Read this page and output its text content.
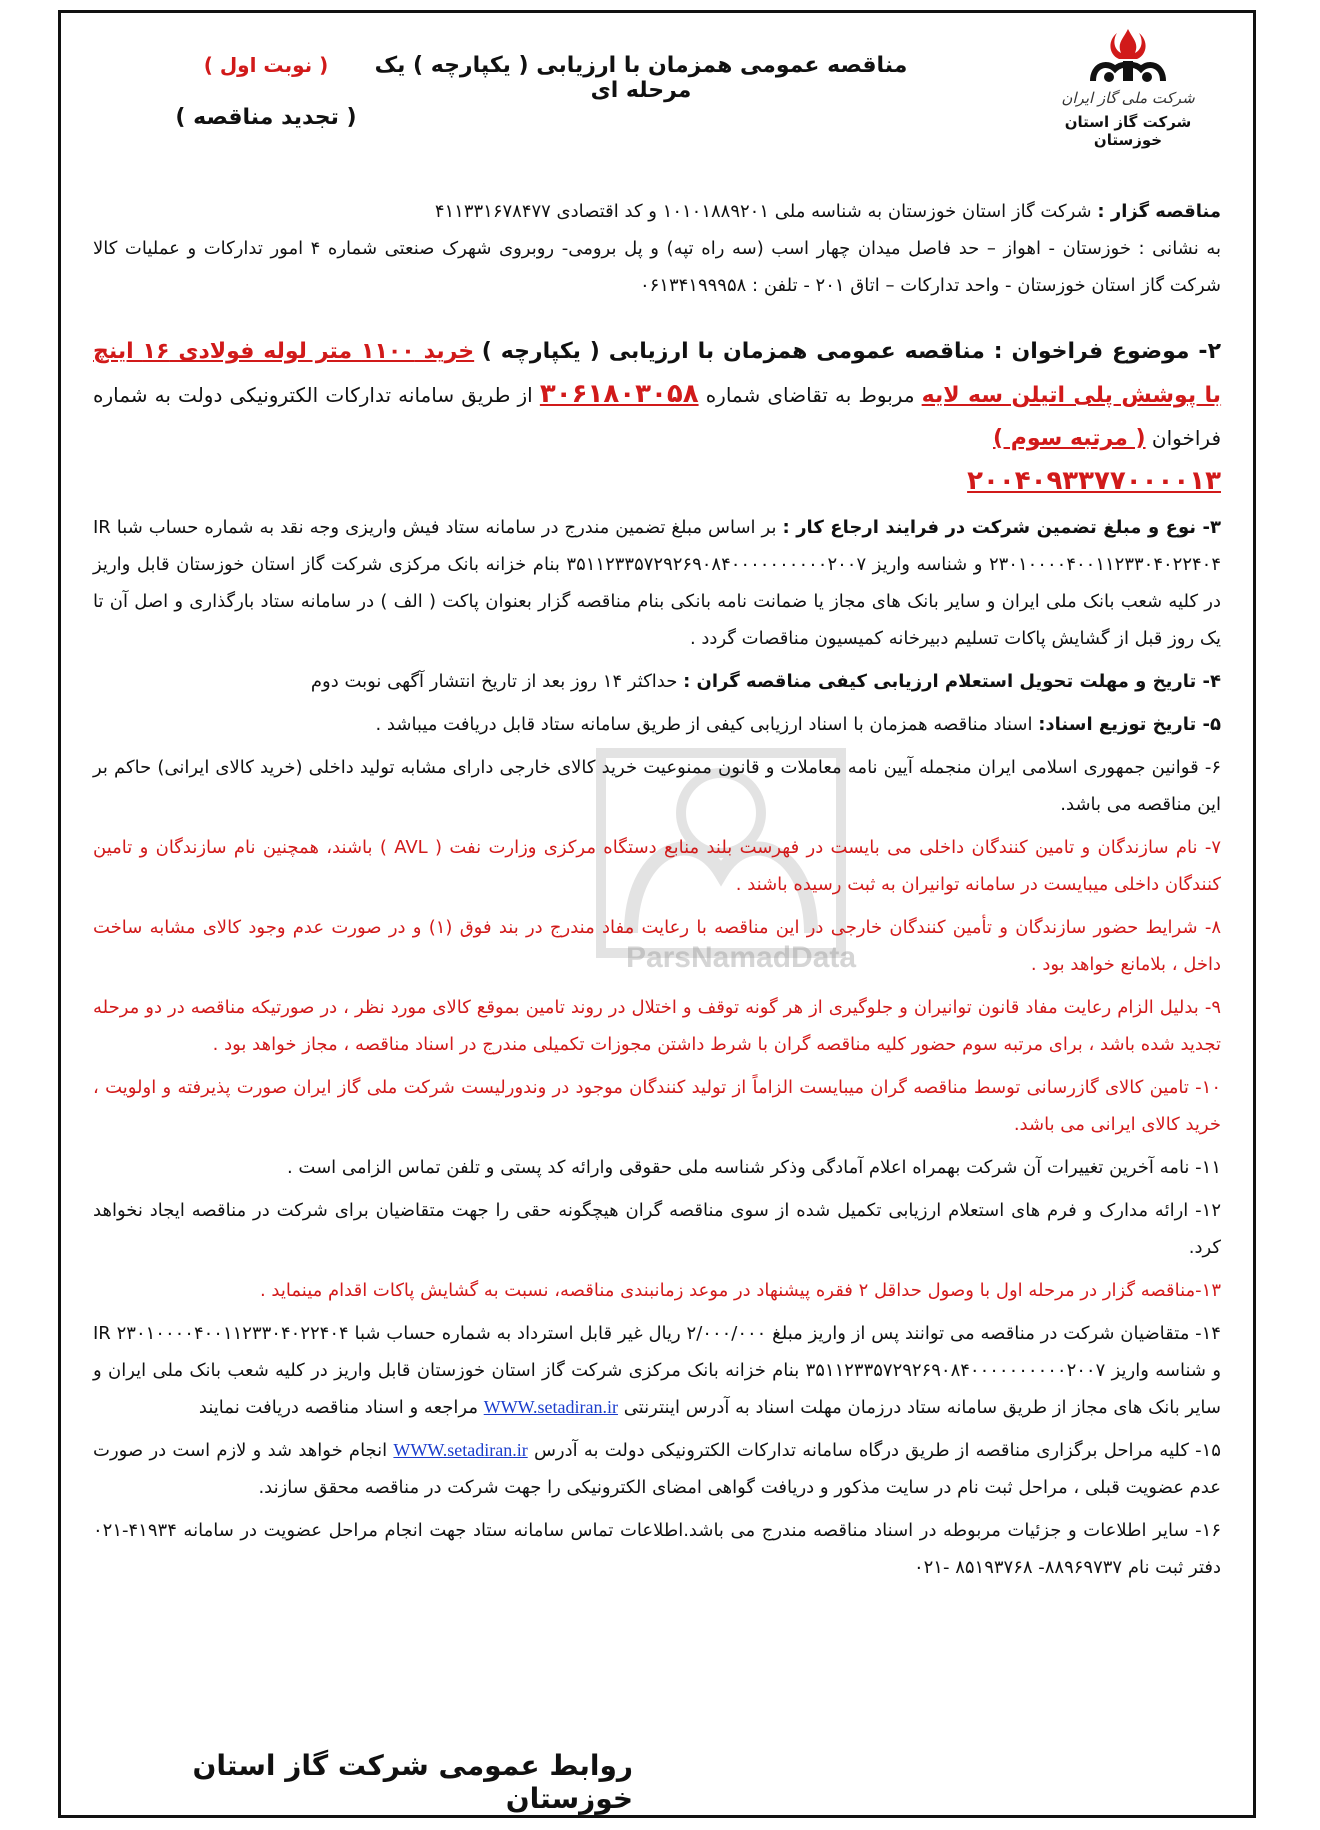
شرکت ملی گاز ایران
شرکت گاز استان خوزستان
مناقصه عمومی همزمان با ارزیابی ( یکپارچه ) یک مرحله ای
( نوبت اول )
( تجدید مناقصه )
ParsNamadData

مناقصه گزار : شرکت گاز استان خوزستان به شناسه ملی ۱۰۱۰۱۸۸۹۲۰۱ و کد اقتصادی ۴۱۱۳۳۱۶۷۸۴۷۷
به نشانی : خوزستان - اهواز – حد فاصل میدان چهار اسب (سه راه تپه) و پل برومی- روبروی شهرک صنعتی شماره ۴ امور تدارکات و عملیات کالا شرکت گاز استان خوزستان - واحد تدارکات – اتاق ۲۰۱ - تلفن : ۰۶۱۳۴۱۹۹۹۵۸

۲- موضوع فراخوان : مناقصه عمومی همزمان با ارزیابی ( یکپارچه ) خرید ۱۱۰۰ متر لوله فولادی ۱۶ اینچ با پوشش پلی اتیلن سه لایه مربوط به تقاضای شماره ۳۰۶۱۸۰۳۰۵۸ از طریق سامانه تدارکات الکترونیکی دولت به شماره فراخوان ( مرتبه سوم )
۲۰۰۴۰۹۳۳۷۷۰۰۰۰۱۳

۳- نوع و مبلغ تضمین شرکت در فرایند ارجاع کار : بر اساس مبلغ تضمین مندرج در سامانه ستاد فیش واریزی وجه نقد به شماره حساب شبا IR ۲۳۰۱۰۰۰۰۴۰۰۱۱۲۳۳۰۴۰۲۲۴۰۴ و شناسه واریز ۳۵۱۱۲۳۳۵۷۲۹۲۶۹۰۸۴۰۰۰۰۰۰۰۰۰۰۲۰۰۷ بنام خزانه بانک مرکزی شرکت گاز استان خوزستان قابل واریز در کلیه شعب بانک ملی ایران و سایر بانک های مجاز یا ضمانت نامه بانکی بنام مناقصه گزار بعنوان پاکت ( الف ) در سامانه ستاد بارگذاری و اصل آن تا یک روز قبل از گشایش پاکات تسلیم دبیرخانه کمیسیون مناقصات گردد .

۴- تاریخ و مهلت تحویل استعلام ارزیابی کیفی مناقصه گران : حداکثر ۱۴ روز بعد از تاریخ انتشار آگهی نوبت دوم

۵- تاریخ توزیع اسناد: اسناد مناقصه همزمان با اسناد ارزیابی کیفی از طریق سامانه ستاد قابل دریافت میباشد .

۶- قوانین جمهوری اسلامی ایران منجمله آیین نامه معاملات و قانون ممنوعیت خرید کالای خارجی دارای مشابه تولید داخلی (خرید کالای ایرانی) حاکم بر این مناقصه می باشد.

۷- نام سازندگان و تامین کنندگان داخلی می بایست در فهرست بلند منابع دستگاه مرکزی وزارت نفت ( AVL ) باشند، همچنین نام سازندگان و تامین کنندگان داخلی میبایست در سامانه توانیران به ثبت رسیده باشند .

۸- شرایط حضور سازندگان و تأمین کنندگان خارجی در این مناقصه با رعایت مفاد مندرج در بند فوق (۱) و در صورت عدم وجود کالای مشابه ساخت داخل ، بلامانع خواهد بود .

۹- بدلیل الزام رعایت مفاد قانون توانیران و جلوگیری از هر گونه توقف و اختلال در روند تامین بموقع کالای مورد نظر ، در صورتیکه مناقصه در دو مرحله تجدید شده باشد ، برای مرتبه سوم حضور کلیه مناقصه گران با شرط داشتن مجوزات تکمیلی مندرج در اسناد مناقصه ، مجاز خواهد بود .

۱۰- تامین کالای گازرسانی توسط مناقصه گران میبایست الزاماً از تولید کنندگان موجود در وندورلیست شرکت ملی گاز ایران صورت پذیرفته و اولویت ، خرید کالای ایرانی می باشد.

۱۱- نامه آخرین تغییرات آن شرکت بهمراه اعلام آمادگی وذکر شناسه ملی حقوقی وارائه کد پستی و تلفن تماس الزامی است .

۱۲- ارائه مدارک و فرم های استعلام ارزیابی تکمیل شده از سوی مناقصه گران هیچگونه حقی را جهت متقاضیان برای شرکت در مناقصه ایجاد نخواهد کرد.

۱۳-مناقصه گزار در مرحله اول با وصول حداقل ۲ فقره پیشنهاد در موعد زمانبندی مناقصه، نسبت به گشایش پاکات اقدام مینماید .

۱۴- متقاضیان شرکت در مناقصه می توانند پس از واریز مبلغ ۲/۰۰۰/۰۰۰ ریال غیر قابل استرداد به شماره حساب شبا IR ۲۳۰۱۰۰۰۰۴۰۰۱۱۲۳۳۰۴۰۲۲۴۰۴ و شناسه واریز ۳۵۱۱۲۳۳۵۷۲۹۲۶۹۰۸۴۰۰۰۰۰۰۰۰۰۰۲۰۰۷ بنام خزانه بانک مرکزی شرکت گاز استان خوزستان قابل واریز در کلیه شعب بانک ملی ایران و سایر بانک های مجاز از طریق سامانه ستاد درزمان مهلت اسناد به آدرس اینترنتی WWW.setadiran.ir مراجعه و اسناد مناقصه دریافت نمایند

۱۵- کلیه مراحل برگزاری مناقصه از طریق درگاه سامانه تدارکات الکترونیکی دولت به آدرس WWW.setadiran.ir انجام خواهد شد و لازم است در صورت عدم عضویت قبلی ، مراحل ثبت نام در سایت مذکور و دریافت گواهی امضای الکترونیکی را جهت شرکت در مناقصه محقق سازند.

۱۶- سایر اطلاعات و جزئیات مربوطه در اسناد مناقصه مندرج می باشد.اطلاعات تماس سامانه ستاد جهت انجام مراحل عضویت در سامانه ۴۱۹۳۴-۰۲۱ دفتر ثبت نام ۸۸۹۶۹۷۳۷- ۸۵۱۹۳۷۶۸ -۰۲۱

روابط عمومی شرکت گاز استان خوزستان
